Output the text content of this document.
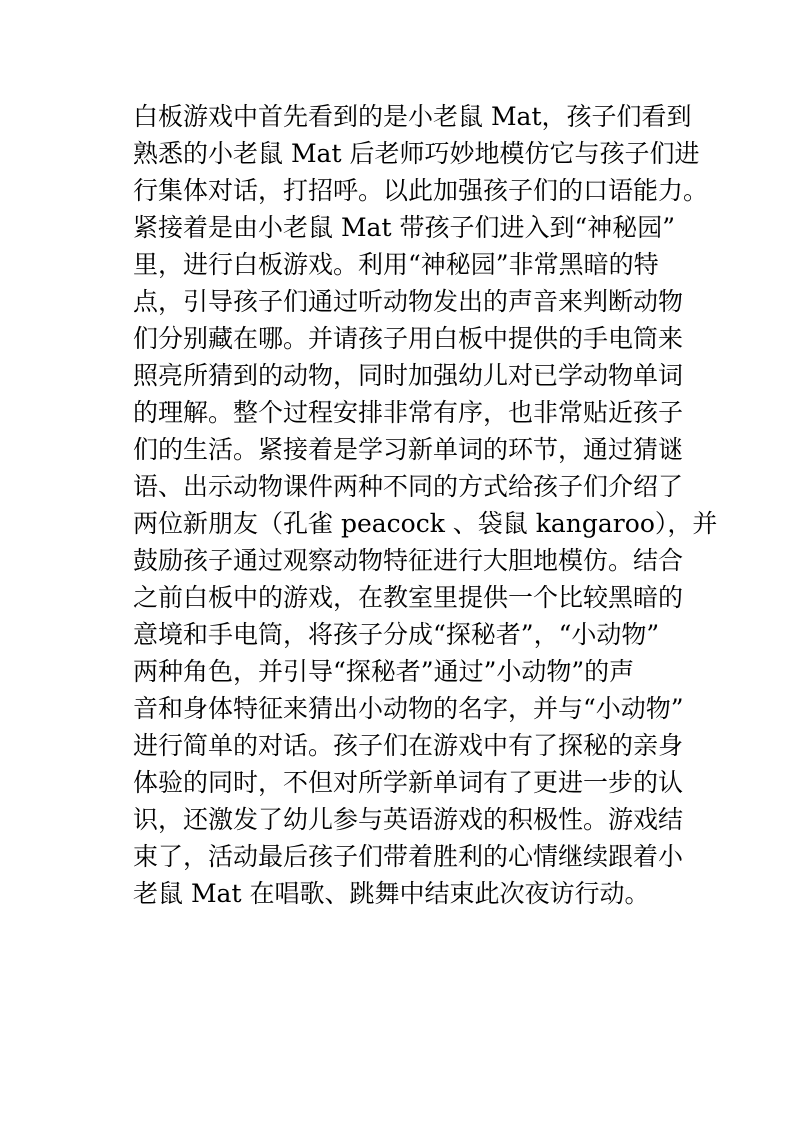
白板游戏中首先看到的是小老鼠 Mat，孩子们看到
熟悉的小老鼠 Mat 后老师巧妙地模仿它与孩子们进
行集体对话，打招呼。以此加强孩子们的口语能力。
紧接着是由小老鼠 Mat 带孩子们进入到“神秘园”
里，进行白板游戏。利用“神秘园”非常黑暗的特
点，引导孩子们通过听动物发出的声音来判断动物
们分别藏在哪。并请孩子用白板中提供的手电筒来
照亮所猜到的动物，同时加强幼儿对已学动物单词
的理解。整个过程安排非常有序，也非常贴近孩子
们的生活。紧接着是学习新单词的环节，通过猜谜
语、出示动物课件两种不同的方式给孩子们介绍了
两位新朋友（孔雀 peacock 、袋鼠 kangaroo），并
鼓励孩子通过观察动物特征进行大胆地模仿。结合
之前白板中的游戏，在教室里提供一个比较黑暗的
意境和手电筒，将孩子分成“探秘者”，“小动物”
两种角色，并引导“探秘者”通过”小动物”的声
音和身体特征来猜出小动物的名字，并与“小动物”
进行简单的对话。孩子们在游戏中有了探秘的亲身
体验的同时，不但对所学新单词有了更进一步的认
识，还激发了幼儿参与英语游戏的积极性。游戏结
束了，活动最后孩子们带着胜利的心情继续跟着小
老鼠 Mat 在唱歌、跳舞中结束此次夜访行动。
